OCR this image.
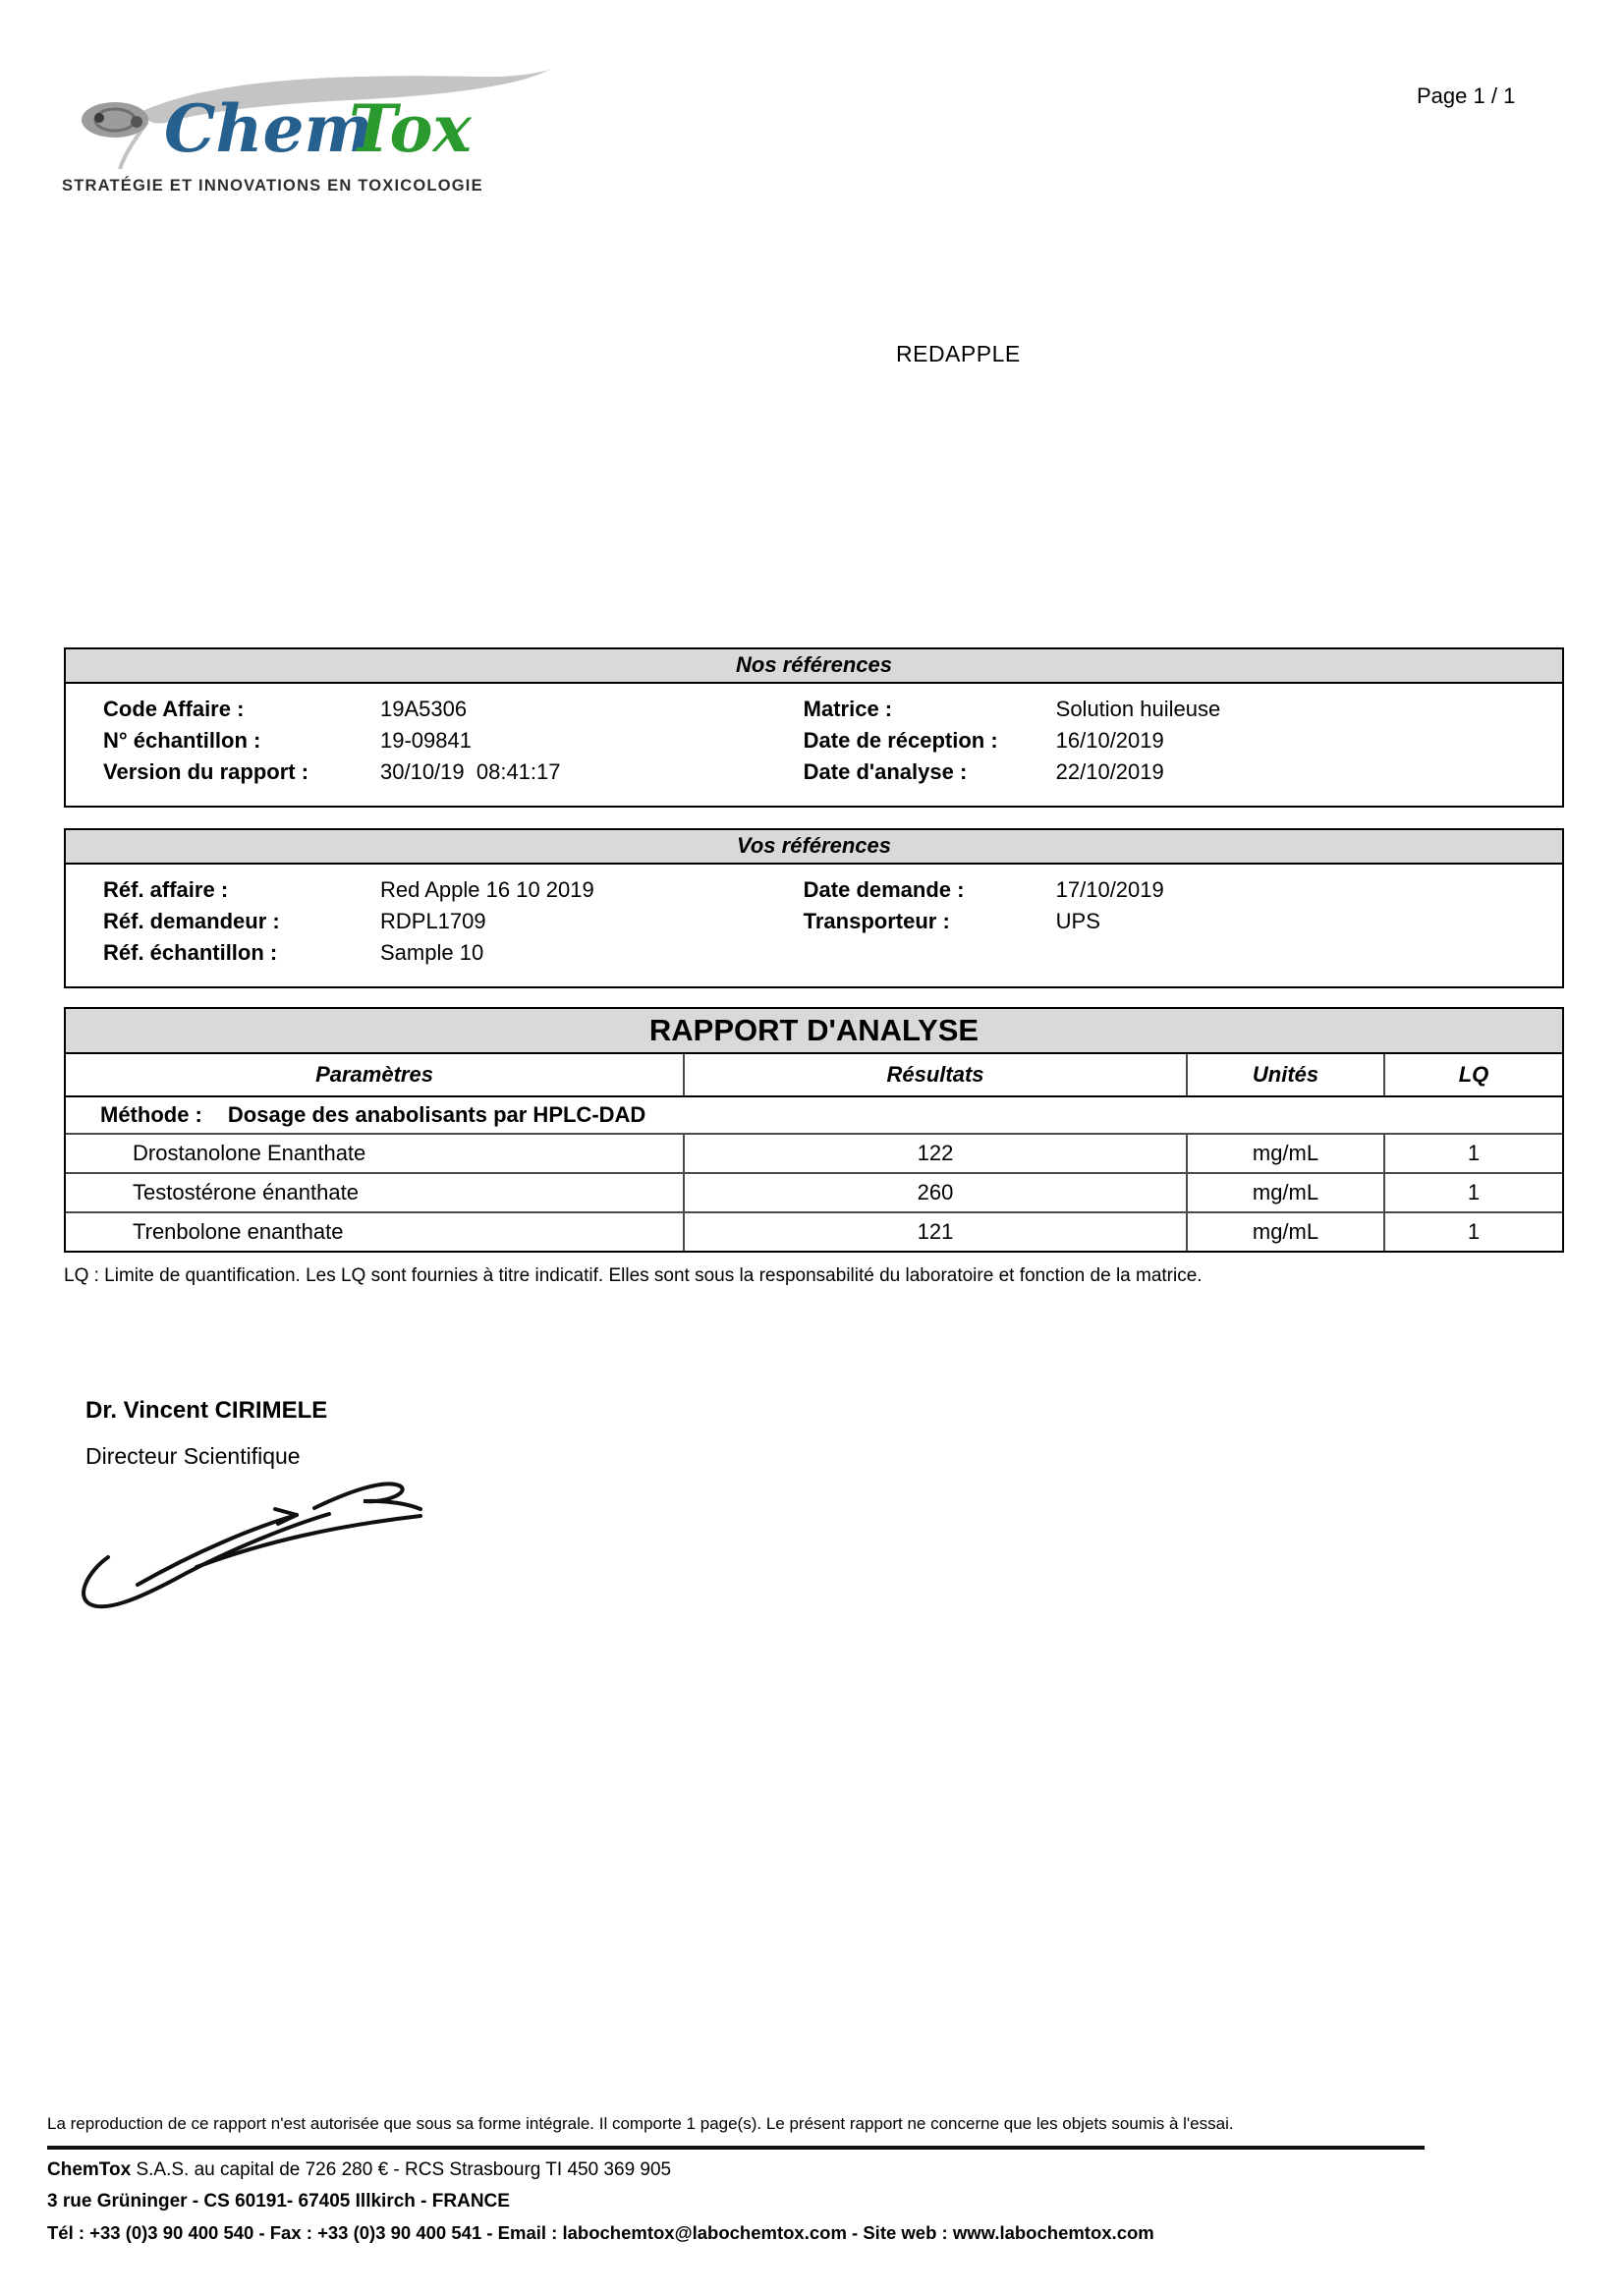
Chem
Tox
STRATÉGIE ET INNOVATIONS EN TOXICOLOGIE
Page 1 / 1
REDAPPLE
Nos références
Code Affaire :	19A5306
N° échantillon :	19-09841
Version du rapport :	30/10/19  08:41:17
Matrice :	Solution huileuse
Date de réception :	16/10/2019
Date d'analyse :	22/10/2019
Vos références
Réf. affaire :	Red Apple 16 10 2019
Réf. demandeur :	RDPL1709
Réf. échantillon :	Sample 10
Date demande :	17/10/2019
Transporteur :	UPS
RAPPORT D'ANALYSE
Paramètres	Résultats	Unités	LQ
Méthode : Dosage des anabolisants par HPLC-DAD
Drostanolone Enanthate	122	mg/mL	1
Testostérone énanthate	260	mg/mL	1
Trenbolone enanthate	121	mg/mL	1
LQ : Limite de quantification. Les LQ sont fournies à titre indicatif. Elles sont sous la responsabilité du laboratoire et fonction de la matrice.
Dr. Vincent CIRIMELE
Directeur Scientifique
La reproduction de ce rapport n'est autorisée que sous sa forme intégrale. Il comporte 1 page(s). Le présent rapport ne concerne que les objets soumis à l'essai.
ChemTox S.A.S. au capital de 726 280 € - RCS Strasbourg TI 450 369 905
3 rue Grüninger - CS 60191- 67405 Illkirch - FRANCE
Tél : +33 (0)3 90 400 540 - Fax : +33 (0)3 90 400 541 - Email : labochemtox@labochemtox.com - Site web : www.labochemtox.com
